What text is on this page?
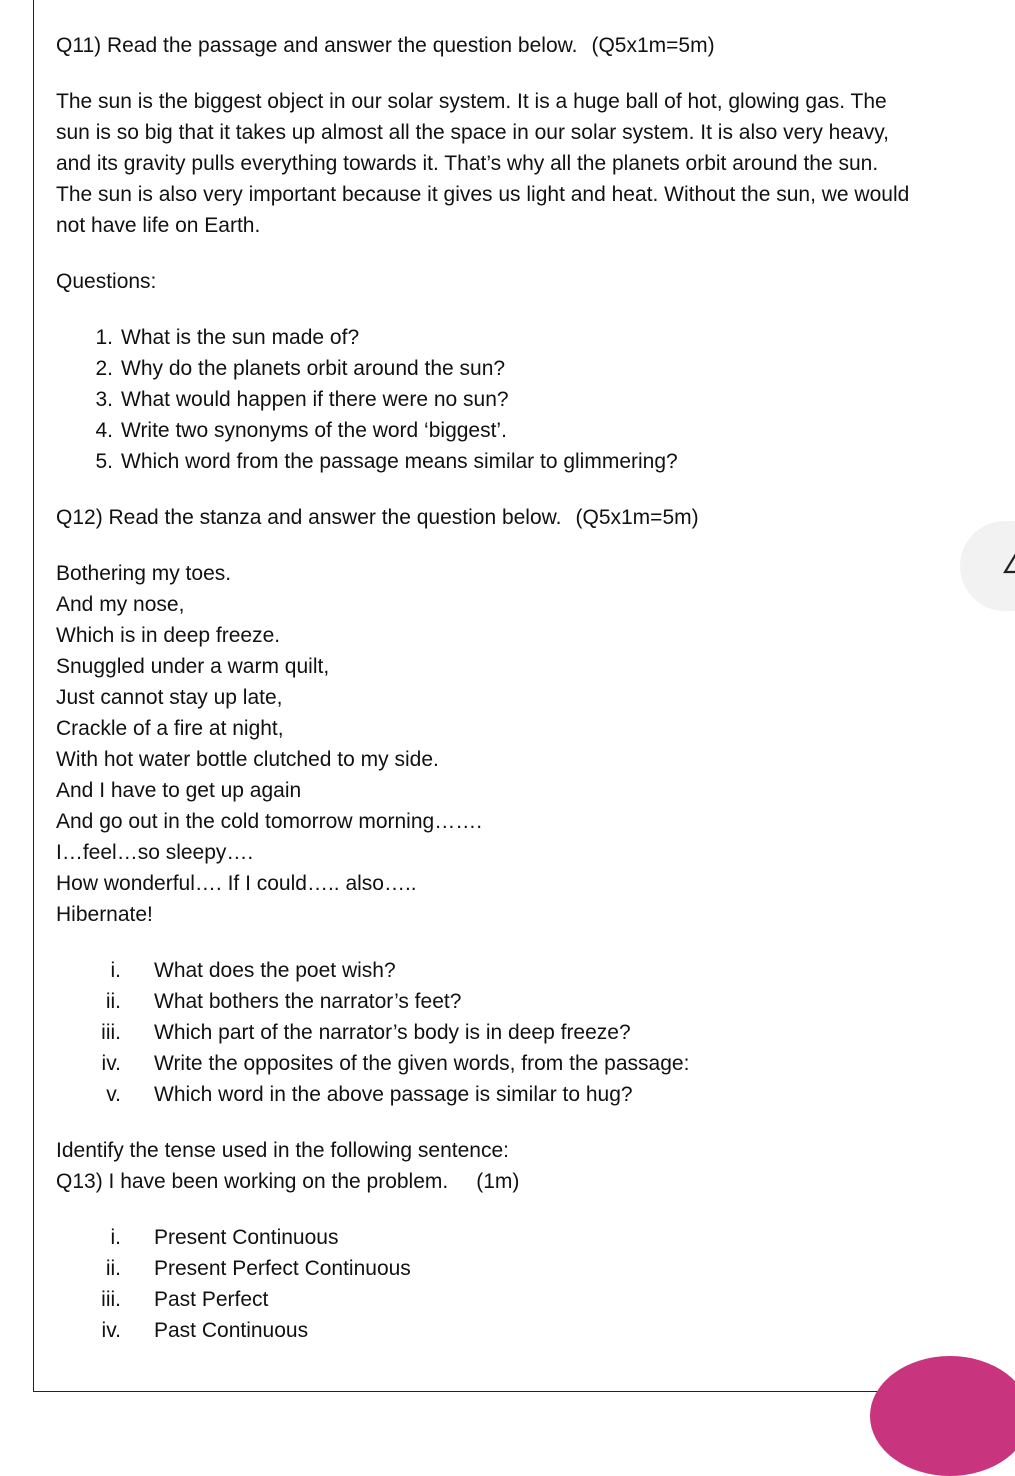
Q11) Read the passage and answer the question below. (Q5x1m=5m)
The sun is the biggest object in our solar system. It is a huge ball of hot, glowing gas. The
sun is so big that it takes up almost all the space in our solar system. It is also very heavy,
and its gravity pulls everything towards it. That’s why all the planets orbit around the sun.
The sun is also very important because it gives us light and heat. Without the sun, we would
not have life on Earth.
Questions:
1. What is the sun made of?
2. Why do the planets orbit around the sun?
3. What would happen if there were no sun?
4. Write two synonyms of the word ‘biggest’.
5. Which word from the passage means similar to glimmering?
Q12) Read the stanza and answer the question below. (Q5x1m=5m)
Bothering my toes.
And my nose,
Which is in deep freeze.
Snuggled under a warm quilt,
Just cannot stay up late,
Crackle of a fire at night,
With hot water bottle clutched to my side.
And I have to get up again
And go out in the cold tomorrow morning…….
I…feel…so sleepy….
How wonderful…. If I could….. also…..
Hibernate!
i. What does the poet wish?
ii. What bothers the narrator’s feet?
iii. Which part of the narrator’s body is in deep freeze?
iv. Write the opposites of the given words, from the passage:
v. Which word in the above passage is similar to hug?
Identify the tense used in the following sentence:
Q13) I have been working on the problem. (1m)
i. Present Continuous
ii. Present Perfect Continuous
iii. Past Perfect
iv. Past Continuous
